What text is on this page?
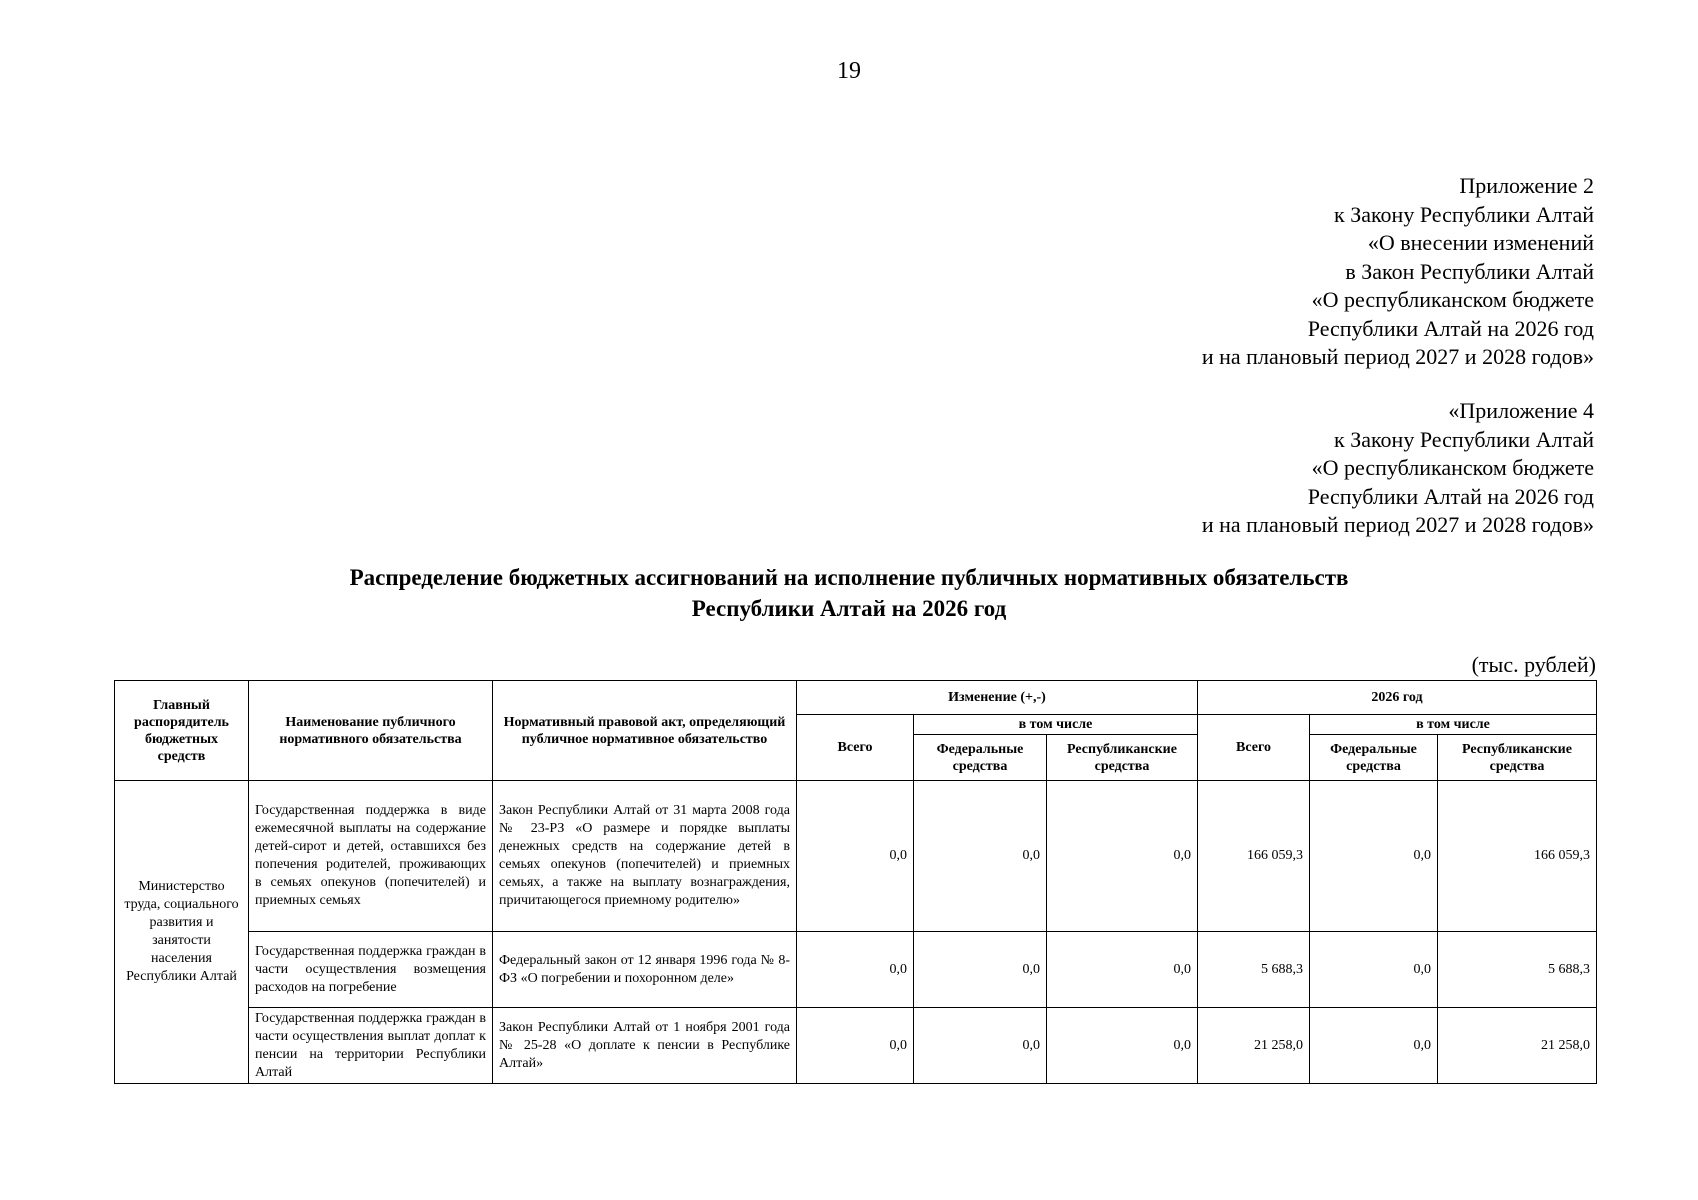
19
Приложение 2
к Закону Республики Алтай
«О внесении изменений
в Закон Республики Алтай
«О республиканском бюджете
Республики Алтай на 2026 год
и на плановый период 2027 и 2028 годов»
«Приложение 4
к Закону Республики Алтай
«О республиканском бюджете
Республики Алтай на 2026 год
и на плановый период 2027 и 2028 годов»
Распределение бюджетных ассигнований на исполнение публичных нормативных обязательств
Республики Алтай на 2026 год
(тыс. рублей)
Главный распорядитель бюджетных средств	Наименование публичного нормативного обязательства	Нормативный правовой акт, определяющий публичное нормативное обязательство	Изменение (+,-)			2026 год		
			Всего	в том числе		Всего	в том числе	
				Федеральные средства	Республиканские средства		Федеральные средства	Республиканские средства
Министерство труда, социального развития и занятости населения Республики Алтай	Государственная поддержка в виде ежемесячной выплаты на содержание детей-сирот и детей, оставшихся без попечения родителей, проживающих в семьях опекунов (попечителей) и приемных семьях	Закон Республики Алтай от 31 марта 2008 года № 23-РЗ «О размере и порядке выплаты денежных средств на содержание детей в семьях опекунов (попечителей) и приемных семьях, а также на выплату вознаграждения, причитающегося приемному родителю»	0,0	0,0	0,0	166 059,3	0,0	166 059,3
	Государственная поддержка граждан в части осуществления возмещения расходов на погребение	Федеральный закон от 12 января 1996 года № 8-ФЗ «О погребении и похоронном деле»	0,0	0,0	0,0	5 688,3	0,0	5 688,3
	Государственная поддержка граждан в части осуществления выплат доплат к пенсии на территории Республики Алтай	Закон Республики Алтай от 1 ноября 2001 года № 25-28 «О доплате к пенсии в Республике Алтай»	0,0	0,0	0,0	21 258,0	0,0	21 258,0
